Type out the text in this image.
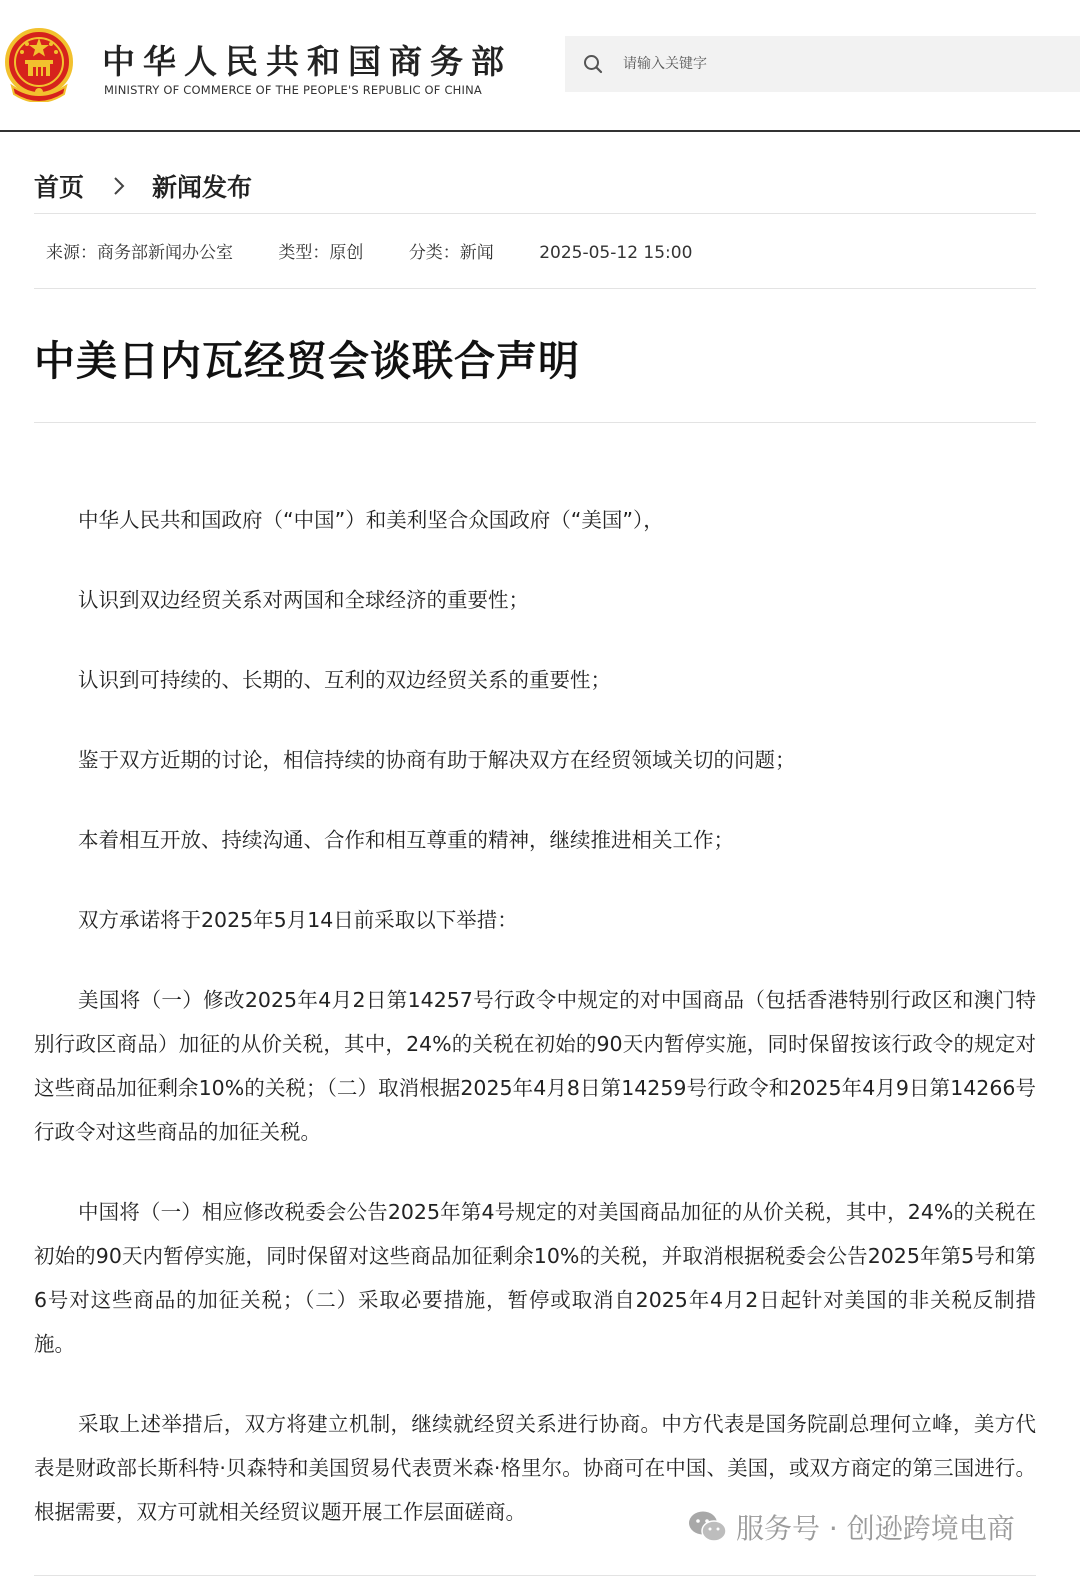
中华人民共和国商务部
MINISTRY OF COMMERCE OF THE PEOPLE'S REPUBLIC OF CHINA
请输入关键字
首页	新闻发布
来源：商务部新闻办公室	类型：原创	分类：新闻	2025-05-12 15:00
中美日内瓦经贸会谈联合声明

中华人民共和国政府（“中国”）和美利坚合众国政府（“美国”），

认识到双边经贸关系对两国和全球经济的重要性；

认识到可持续的、长期的、互利的双边经贸关系的重要性；

鉴于双方近期的讨论，相信持续的协商有助于解决双方在经贸领域关切的问题；

本着相互开放、持续沟通、合作和相互尊重的精神，继续推进相关工作；

双方承诺将于2025年5月14日前采取以下举措：

美国将（一）修改2025年4月2日第14257号行政令中规定的对中国商品（包括香港特别行政区和澳门特别行政区商品）加征的从价关税，其中，24%的关税在初始的90天内暂停实施，同时保留按该行政令的规定对这些商品加征剩余10%的关税；（二）取消根据2025年4月8日第14259号行政令和2025年4月9日第14266号行政令对这些商品的加征关税。

中国将（一）相应修改税委会公告2025年第4号规定的对美国商品加征的从价关税，其中，24%的关税在初始的90天内暂停实施，同时保留对这些商品加征剩余10%的关税，并取消根据税委会公告2025年第5号和第6号对这些商品的加征关税；（二）采取必要措施，暂停或取消自2025年4月2日起针对美国的非关税反制措施。

采取上述举措后，双方将建立机制，继续就经贸关系进行协商。中方代表是国务院副总理何立峰，美方代表是财政部长斯科特·贝森特和美国贸易代表贾米森·格里尔。协商可在中国、美国，或双方商定的第三国进行。根据需要，双方可就相关经贸议题开展工作层面磋商。	服务号 · 创逊跨境电商
